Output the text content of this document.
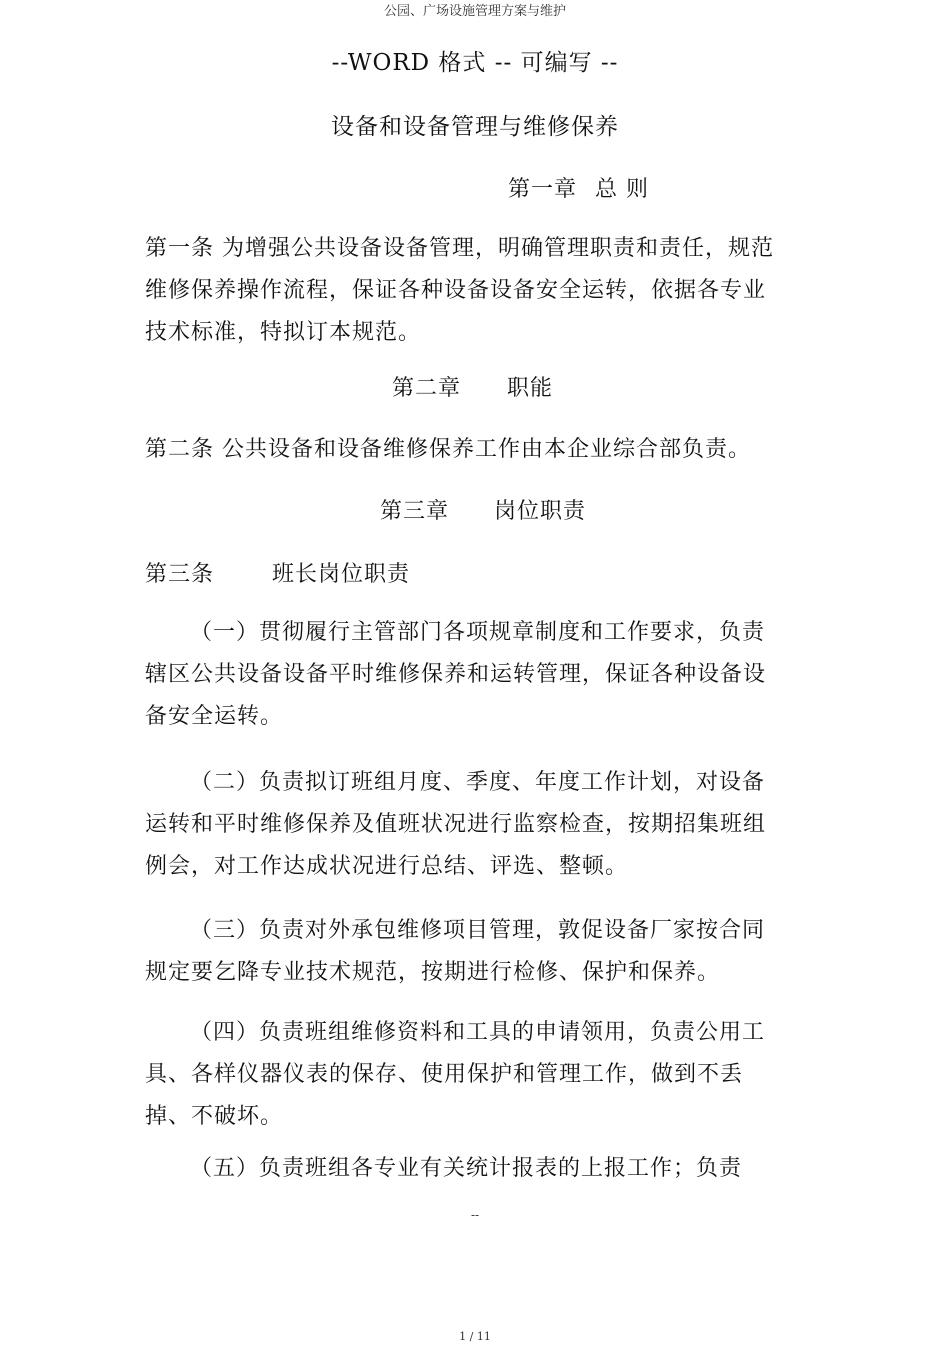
公园、广场设施管理方案与维护
--WORD 格式 -- 可编写 --
设备和设备管理与维修保养
第一章 总 则
第一条 为增强公共设备设备管理，明确管理职责和责任，规范维修保养操作流程，保证各种设备设备安全运转，依据各专业技术标准，特拟订本规范。
第二章 职能
第二条 公共设备和设备维修保养工作由本企业综合部负责。
第三章 岗位职责
第三条	班长岗位职责
（一）贯彻履行主管部门各项规章制度和工作要求，负责辖区公共设备设备平时维修保养和运转管理，保证各种设备设备安全运转。
（二）负责拟订班组月度、季度、年度工作计划，对设备运转和平时维修保养及值班状况进行监察检查，按期招集班组例会，对工作达成状况进行总结、评选、整顿。
（三）负责对外承包维修项目管理，敦促设备厂家按合同规定要乞降专业技术规范，按期进行检修、保护和保养。
（四）负责班组维修资料和工具的申请领用，负责公用工具、各样仪器仪表的保存、使用保护和管理工作，做到不丢掉、不破坏。
（五）负责班组各专业有关统计报表的上报工作；负责
--
1 / 11
